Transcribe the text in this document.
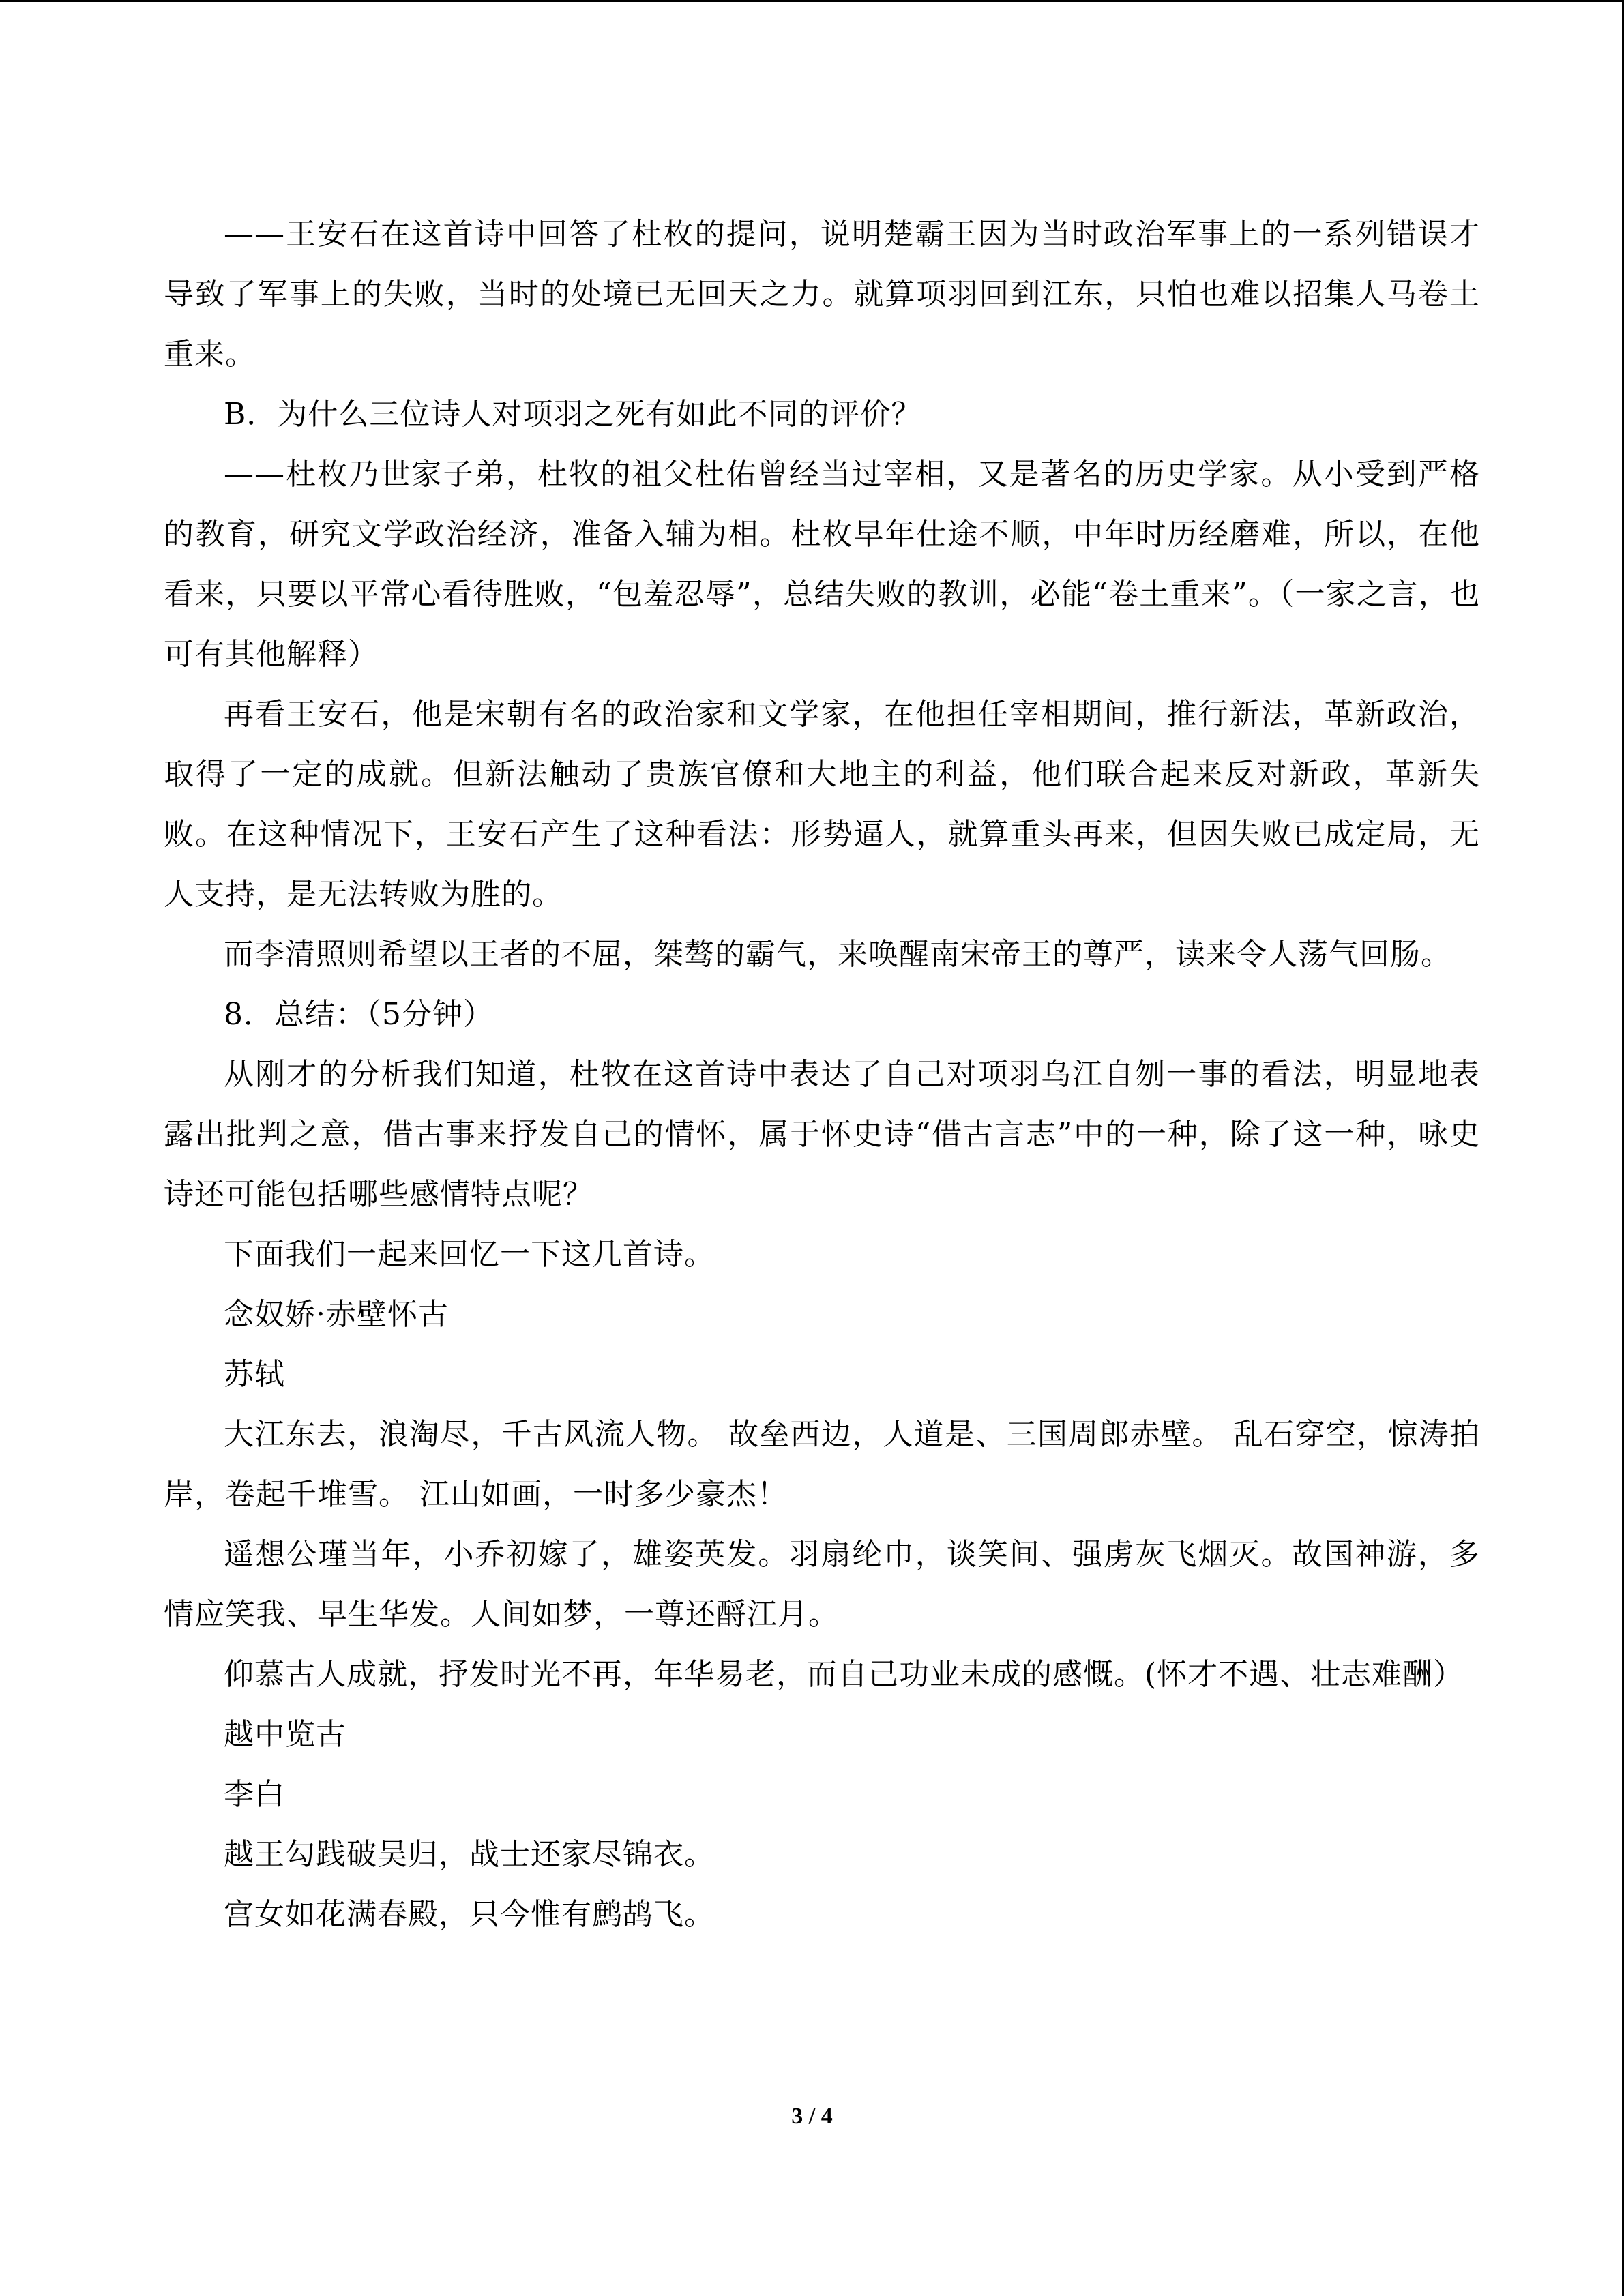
——王安石在这首诗中回答了杜枚的提问，说明楚霸王因为当时政治军事上的一系列错误才导致了军事上的失败，当时的处境已无回天之力。就算项羽回到江东，只怕也难以招集人马卷土重来。

B．为什么三位诗人对项羽之死有如此不同的评价？

——杜枚乃世家子弟，杜牧的祖父杜佑曾经当过宰相，又是著名的历史学家。从小受到严格的教育，研究文学政治经济，准备入辅为相。杜枚早年仕途不顺，中年时历经磨难，所以，在他看来，只要以平常心看待胜败，“包羞忍辱”，总结失败的教训，必能“卷土重来”。（一家之言，也可有其他解释）

再看王安石，他是宋朝有名的政治家和文学家，在他担任宰相期间，推行新法，革新政治，取得了一定的成就。但新法触动了贵族官僚和大地主的利益，他们联合起来反对新政，革新失败。在这种情况下，王安石产生了这种看法：形势逼人，就算重头再来，但因失败已成定局，无人支持，是无法转败为胜的。

而李清照则希望以王者的不屈，桀骜的霸气，来唤醒南宋帝王的尊严，读来令人荡气回肠。

8．总结：（5分钟）

从刚才的分析我们知道，杜牧在这首诗中表达了自己对项羽乌江自刎一事的看法，明显地表露出批判之意，借古事来抒发自己的情怀，属于怀史诗“借古言志”中的一种，除了这一种，咏史诗还可能包括哪些感情特点呢？

下面我们一起来回忆一下这几首诗。

念奴娇·赤壁怀古

苏轼

大江东去，浪淘尽，千古风流人物。 故垒西边，人道是、三国周郎赤壁。 乱石穿空，惊涛拍岸，卷起千堆雪。 江山如画，一时多少豪杰！

遥想公瑾当年，小乔初嫁了，雄姿英发。羽扇纶巾，谈笑间、强虏灰飞烟灭。故国神游，多情应笑我、早生华发。人间如梦，一尊还酹江月。

仰慕古人成就，抒发时光不再，年华易老，而自己功业未成的感慨。(怀才不遇、壮志难酬）

越中览古

李白

越王勾践破吴归，战士还家尽锦衣。

宫女如花满春殿，只今惟有鹧鸪飞。

3 / 4
